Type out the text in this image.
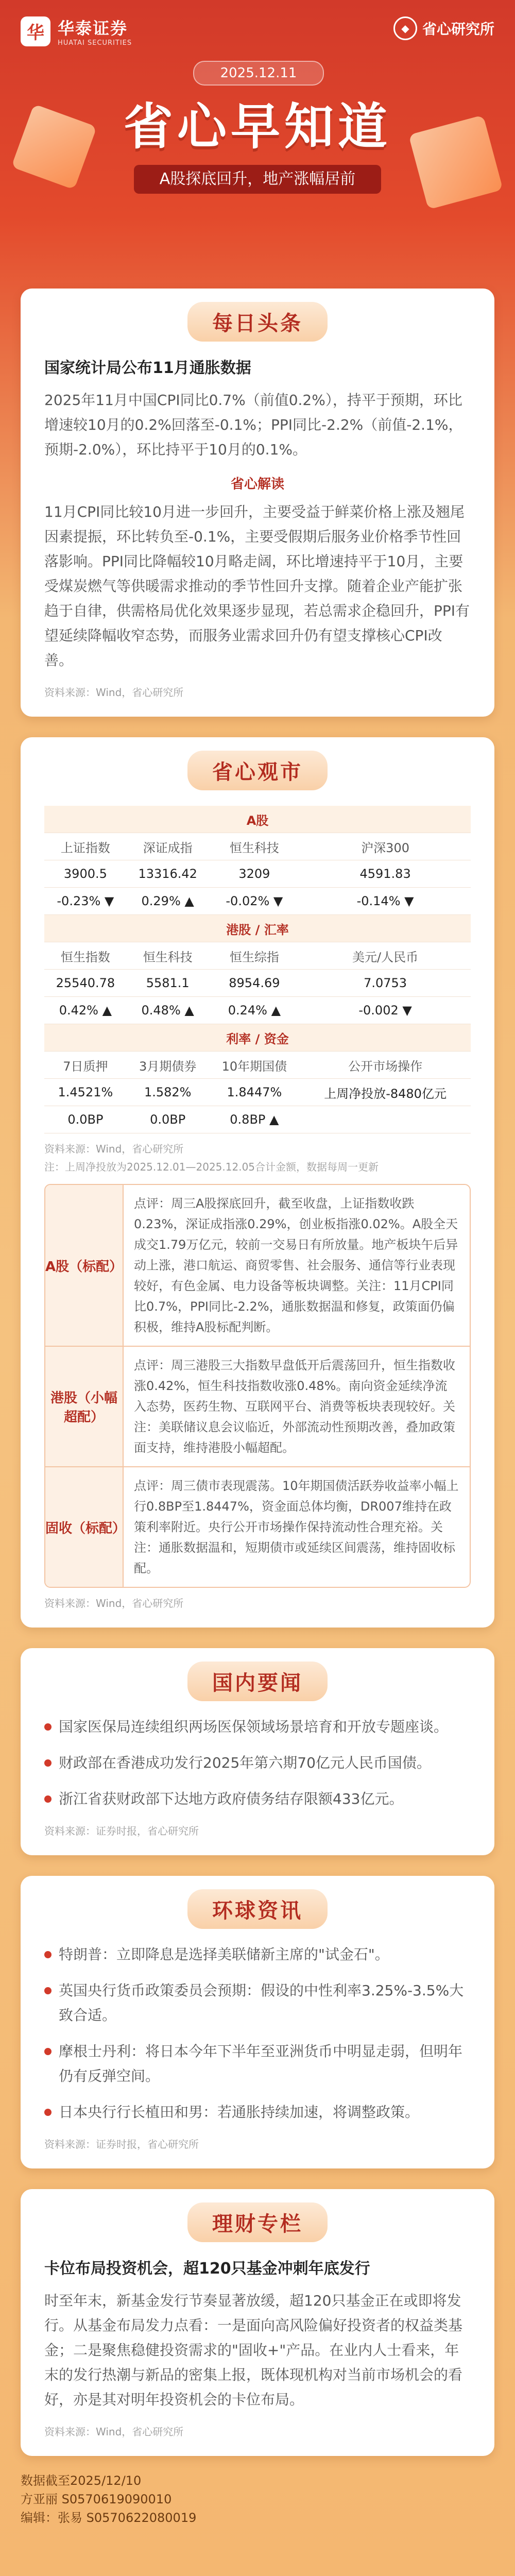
华 华泰证券
HUATAI SECURITIES
◆ 省心研究所
2025.12.11
省心早知道
A股探底回升，地产涨幅居前
每日头条
国家统计局公布11月通胀数据
2025年11月中国CPI同比0.7%（前值0.2%），持平于预期，环比增速较10月的0.2%回落至-0.1%；PPI同比-2.2%（前值-2.1%，预期-2.0%），环比持平于10月的0.1%。
省心解读
11月CPI同比较10月进一步回升，主要受益于鲜菜价格上涨及翘尾因素提振，环比转负至-0.1%，主要受假期后服务业价格季节性回落影响。PPI同比降幅较10月略走阔，环比增速持平于10月，主要受煤炭燃气等供暖需求推动的季节性回升支撑。随着企业产能扩张趋于自律，供需格局优化效果逐步显现，若总需求企稳回升，PPI有望延续降幅收窄态势，而服务业需求回升仍有望支撑核心CPI改善。
资料来源：Wind，省心研究所
省心观市
A股			
上证指数	深证成指	恒生科技	沪深300
3900.5	13316.42	3209	4591.83
-0.23% ▼	0.29% ▲	-0.02% ▼	-0.14% ▼
港股 / 汇率			
恒生指数	恒生科技	恒生综指	美元/人民币
25540.78	5581.1	8954.69	7.0753
0.42% ▲	0.48% ▲	0.24% ▲	-0.002 ▼
利率 / 资金			
7日质押	3月期债券	10年期国债	公开市场操作
1.4521%	1.582%	1.8447%	上周净投放-8480亿元
0.0BP	0.0BP	0.8BP ▲	
资料来源：Wind，省心研究所
注：上周净投放为2025.12.01—2025.12.05合计金额，数据每周一更新
A股（标配）
点评：周三A股探底回升，截至收盘，上证指数收跌0.23%，深证成指涨0.29%，创业板指涨0.02%。A股全天成交1.79万亿元，较前一交易日有所放量。地产板块午后异动上涨，港口航运、商贸零售、社会服务、通信等行业表现较好，有色金属、电力设备等板块调整。关注：11月CPI同比0.7%，PPI同比-2.2%，通胀数据温和修复，政策面仍偏积极，维持A股标配判断。
港股（小幅超配）
点评：周三港股三大指数早盘低开后震荡回升，恒生指数收涨0.42%，恒生科技指数收涨0.48%。南向资金延续净流入态势，医药生物、互联网平台、消费等板块表现较好。关注：美联储议息会议临近，外部流动性预期改善，叠加政策面支持，维持港股小幅超配。
固收（标配）
点评：周三债市表现震荡。10年期国债活跃券收益率小幅上行0.8BP至1.8447%，资金面总体均衡，DR007维持在政策利率附近。央行公开市场操作保持流动性合理充裕。关注：通胀数据温和，短期债市或延续区间震荡，维持固收标配。
资料来源：Wind，省心研究所
国内要闻
国家医保局连续组织两场医保领域场景培育和开放专题座谈。
财政部在香港成功发行2025年第六期70亿元人民币国债。
浙江省获财政部下达地方政府债务结存限额433亿元。
资料来源：证券时报，省心研究所
环球资讯
特朗普：立即降息是选择美联储新主席的"试金石"。
英国央行货币政策委员会预期：假设的中性利率3.25%-3.5%大致合适。
摩根士丹利：将日本今年下半年至亚洲货币中明显走弱，但明年仍有反弹空间。
日本央行行长植田和男：若通胀持续加速，将调整政策。
资料来源：证券时报，省心研究所
理财专栏
卡位布局投资机会，超120只基金冲刺年底发行
时至年末，新基金发行节奏显著放缓，超120只基金正在或即将发行。从基金布局发力点看：一是面向高风险偏好投资者的权益类基金；二是聚焦稳健投资需求的"固收+"产品。在业内人士看来，年末的发行热潮与新品的密集上报，既体现机构对当前市场机会的看好，亦是其对明年投资机会的卡位布局。
资料来源：Wind，省心研究所
数据截至2025/12/10
方亚丽 S0570619090010
编辑：张易 S0570622080019
